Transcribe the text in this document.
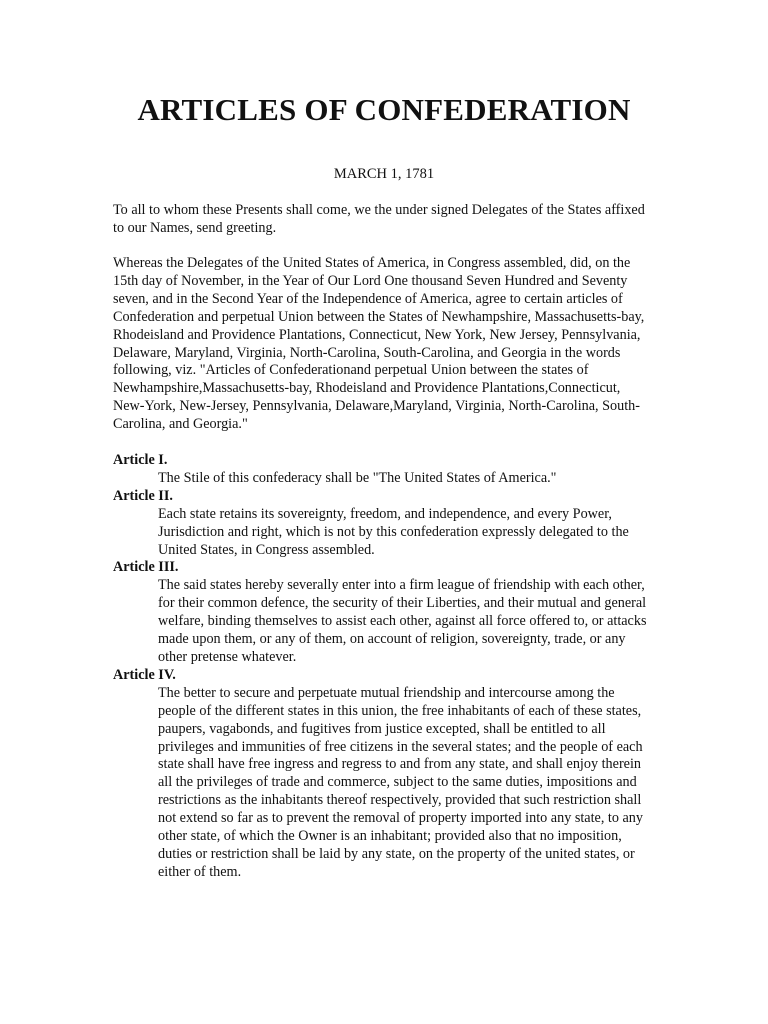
ARTICLES OF CONFEDERATION

MARCH 1, 1781

To all to whom these Presents shall come, we the under signed Delegates of the States affixed to our Names, send greeting.

Whereas the Delegates of the United States of America, in Congress assembled, did, on the 15th day of November, in the Year of Our Lord One thousand Seven Hundred and Seventy seven, and in the Second Year of the Independence of America, agree to certain articles of Confederation and perpetual Union between the States of Newhampshire, Massachusetts-bay, Rhodeisland and Providence Plantations, Connecticut, New York, New Jersey, Pennsylvania, Delaware, Maryland, Virginia, North-Carolina, South-Carolina, and Georgia in the words following, viz. "Articles of Confederationand perpetual Union between the states of Newhampshire,Massachusetts-bay, Rhodeisland and Providence Plantations,Connecticut, New-York, New-Jersey, Pennsylvania, Delaware,Maryland, Virginia, North-Carolina, South-Carolina, and Georgia."

Article I.

The Stile of this confederacy shall be "The United States of America."

Article II.

Each state retains its sovereignty, freedom, and independence, and every Power, Jurisdiction and right, which is not by this confederation expressly delegated to the United States, in Congress assembled.

Article III.

The said states hereby severally enter into a firm league of friendship with each other, for their common defence, the security of their Liberties, and their mutual and general welfare, binding themselves to assist each other, against all force offered to, or attacks made upon them, or any of them, on account of religion, sovereignty, trade, or any other pretense whatever.

Article IV.

The better to secure and perpetuate mutual friendship and intercourse among the people of the different states in this union, the free inhabitants of each of these states, paupers, vagabonds, and fugitives from justice excepted, shall be entitled to all privileges and immunities of free citizens in the several states; and the people of each state shall have free ingress and regress to and from any state, and shall enjoy therein all the privileges of trade and commerce, subject to the same duties, impositions and restrictions as the inhabitants thereof respectively, provided that such restriction shall not extend so far as to prevent the removal of property imported into any state, to any other state, of which the Owner is an inhabitant; provided also that no imposition, duties or restriction shall be laid by any state, on the property of the united states, or either of them.
